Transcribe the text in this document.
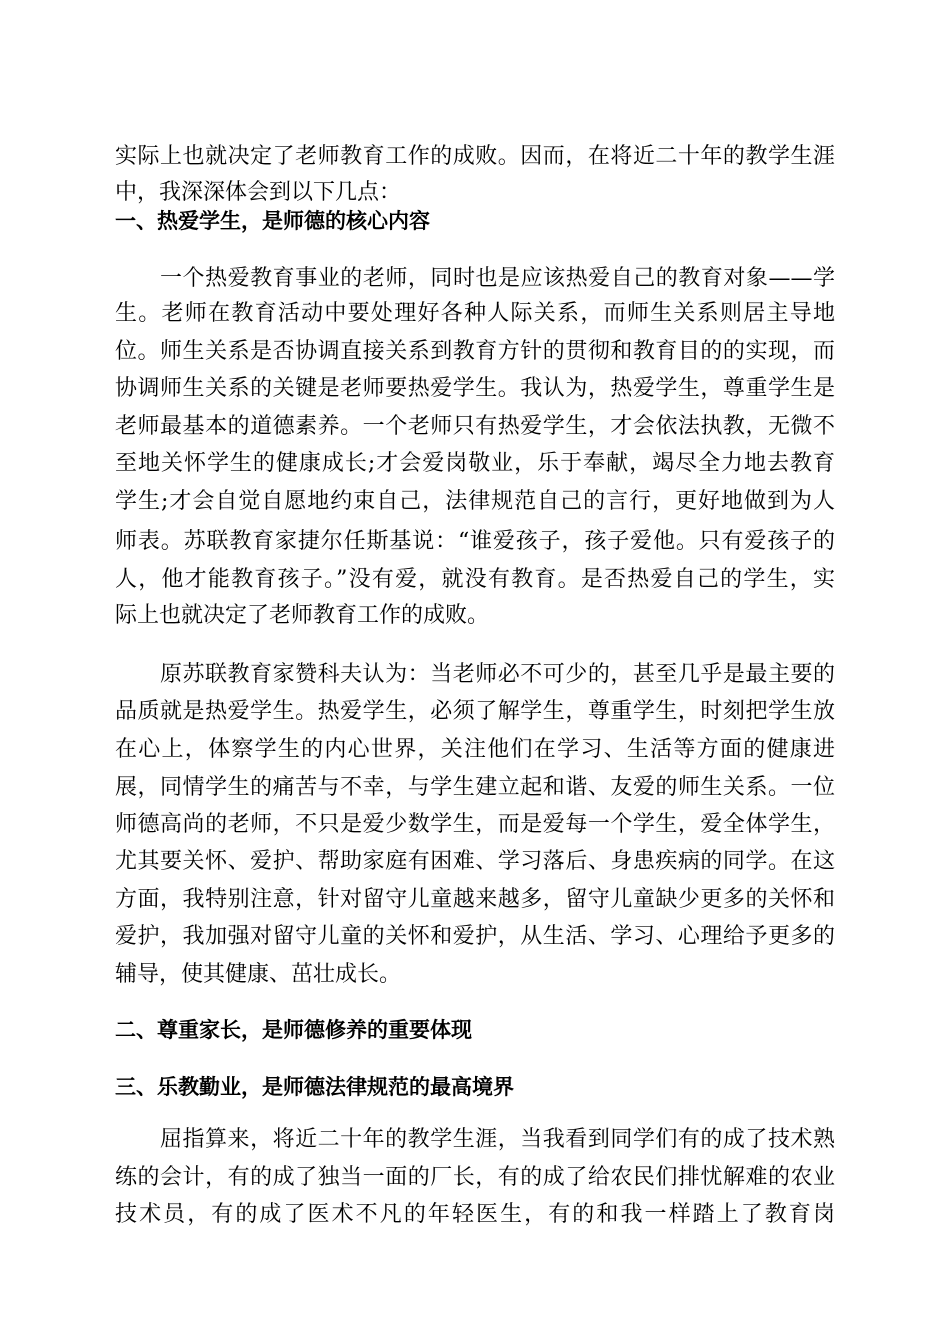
实际上也就决定了老师教育工作的成败。因而，在将近二十年的教学生涯
中，我深深体会到以下几点：
一、热爱学生，是师德的核心内容
一个热爱教育事业的老师，同时也是应该热爱自己的教育对象——学
生。老师在教育活动中要处理好各种人际关系，而师生关系则居主导地
位。师生关系是否协调直接关系到教育方针的贯彻和教育目的的实现，而
协调师生关系的关键是老师要热爱学生。我认为，热爱学生，尊重学生是
老师最基本的道德素养。一个老师只有热爱学生，才会依法执教，无微不
至地关怀学生的健康成长;才会爱岗敬业，乐于奉献，竭尽全力地去教育
学生;才会自觉自愿地约束自己，法律规范自己的言行，更好地做到为人
师表。苏联教育家捷尔任斯基说：“谁爱孩子，孩子爱他。只有爱孩子的
人，他才能教育孩子。”没有爱，就没有教育。是否热爱自己的学生，实
际上也就决定了老师教育工作的成败。
原苏联教育家赞科夫认为：当老师必不可少的，甚至几乎是最主要的
品质就是热爱学生。热爱学生，必须了解学生，尊重学生，时刻把学生放
在心上，体察学生的内心世界，关注他们在学习、生活等方面的健康进
展，同情学生的痛苦与不幸，与学生建立起和谐、友爱的师生关系。一位
师德高尚的老师，不只是爱少数学生，而是爱每一个学生，爱全体学生，
尤其要关怀、爱护、帮助家庭有困难、学习落后、身患疾病的同学。在这
方面，我特别注意，针对留守儿童越来越多，留守儿童缺少更多的关怀和
爱护，我加强对留守儿童的关怀和爱护，从生活、学习、心理给予更多的
辅导，使其健康、茁壮成长。
二、尊重家长，是师德修养的重要体现
三、乐教勤业，是师德法律规范的最高境界
屈指算来，将近二十年的教学生涯，当我看到同学们有的成了技术熟
练的会计，有的成了独当一面的厂长，有的成了给农民们排忧解难的农业
技术员，有的成了医术不凡的年轻医生，有的和我一样踏上了教育岗
